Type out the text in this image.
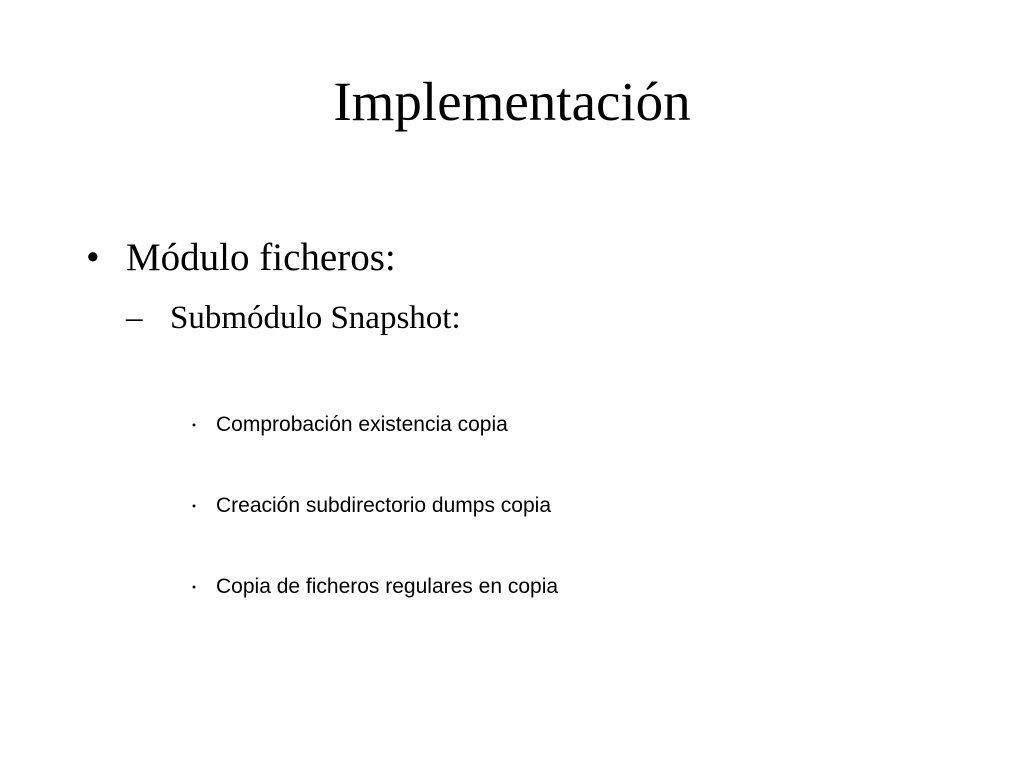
Implementación
• Módulo ficheros:
– Submódulo Snapshot:
・ Comprobación existencia copia
・ Creación subdirectorio dumps copia
・ Copia de ficheros regulares en copia
